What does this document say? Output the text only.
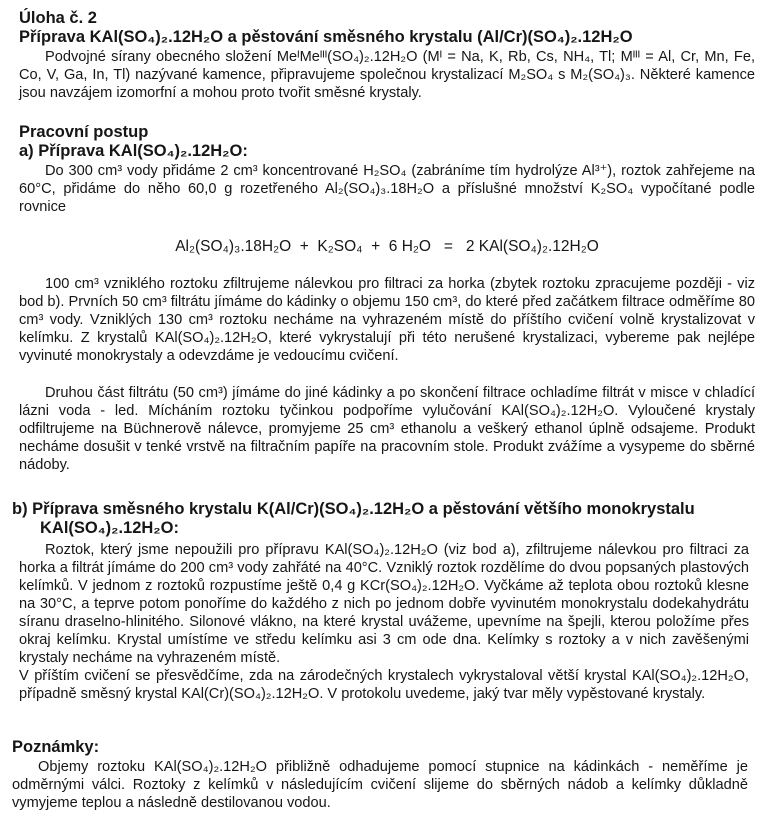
Úloha č. 2
Příprava KAl(SO₄)₂.12H₂O a pěstování směsného krystalu (Al/Cr)(SO₄)₂.12H₂O

Podvojné sírany obecného složení MeᴵMeᴵᴵᴵ(SO₄)₂.12H₂O (Mᴵ = Na, K, Rb, Cs, NH₄, Tl; Mᴵᴵᴵ = Al, Cr, Mn, Fe, Co, V, Ga, In, Tl) nazývané kamence, připravujeme společnou krystalizací M₂SO₄ s M₂(SO₄)₃. Některé kamence jsou navzájem izomorfní a mohou proto tvořit směsné krystaly.

Pracovní postup
a) Příprava KAl(SO₄)₂.12H₂O:

Do 300 cm³ vody přidáme 2 cm³ koncentrované H₂SO₄ (zabráníme tím hydrolýze Al³⁺), roztok zahřejeme na 60°C, přidáme do něho 60,0 g rozetřeného Al₂(SO₄)₃.18H₂O a příslušné množství K₂SO₄ vypočítané podle rovnice

Al₂(SO₄)₃.18H₂O  +  K₂SO₄  +  6 H₂O   =   2 KAl(SO₄)₂.12H₂O

100 cm³ vzniklého roztoku zfiltrujeme nálevkou pro filtraci za horka (zbytek roztoku zpracujeme později - viz bod b). Prvních 50 cm³ filtrátu jímáme do kádinky o objemu 150 cm³, do které před začátkem filtrace odměříme 80 cm³ vody. Vzniklých 130 cm³ roztoku necháme na vyhrazeném místě do příštího cvičení volně krystalizovat v kelímku. Z krystalů KAl(SO₄)₂.12H₂O, které vykrystalují při této nerušené krystalizaci, vybereme pak nejlépe vyvinuté monokrystaly a odevzdáme je vedoucímu cvičení.

Druhou část filtrátu (50 cm³) jímáme do jiné kádinky a po skončení filtrace ochladíme filtrát v misce v chladící lázni voda - led. Mícháním roztoku tyčinkou podpoříme vylučování KAl(SO₄)₂.12H₂O. Vyloučené krystaly odfiltrujeme na Büchnerově nálevce, promyjeme 25 cm³ ethanolu a veškerý ethanol úplně odsajeme. Produkt necháme dosušit v tenké vrstvě na filtračním papíře na pracovním stole. Produkt zvážíme a vysypeme do sběrné nádoby.

b) Příprava směsného krystalu K(Al/Cr)(SO₄)₂.12H₂O a pěstování většího monokrystalu
KAl(SO₄)₂.12H₂O:

Roztok, který jsme nepoužili pro přípravu KAl(SO₄)₂.12H₂O (viz bod a), zfiltrujeme nálevkou pro filtraci za horka a filtrát jímáme do 200 cm³ vody zahřáté na 40°C. Vzniklý roztok rozdělíme do dvou popsaných plastových kelímků. V jednom z roztoků rozpustíme ještě 0,4 g KCr(SO₄)₂.12H₂O. Vyčkáme až teplota obou roztoků klesne na 30°C, a teprve potom ponoříme do každého z nich po jednom dobře vyvinutém monokrystalu dodekahydrátu síranu draselno-hlinitého. Silonové vlákno, na které krystal uvážeme, upevníme na špejli, kterou položíme přes okraj kelímku. Krystal umístíme ve středu kelímku asi 3 cm ode dna. Kelímky s roztoky a v nich zavěšenými krystaly necháme na vyhrazeném místě.

V příštím cvičení se přesvědčíme, zda na zárodečných krystalech vykrystaloval větší krystal KAl(SO₄)₂.12H₂O, případně směsný krystal KAl(Cr)(SO₄)₂.12H₂O. V protokolu uvedeme, jaký tvar měly vypěstované krystaly.

Poznámky:

Objemy roztoku KAl(SO₄)₂.12H₂O přibližně odhadujeme pomocí stupnice na kádinkách - neměříme je odměrnými válci. Roztoky z kelímků v následujícím cvičení slijeme do sběrných nádob a kelímky důkladně vymyjeme teplou a následně destilovanou vodou.
